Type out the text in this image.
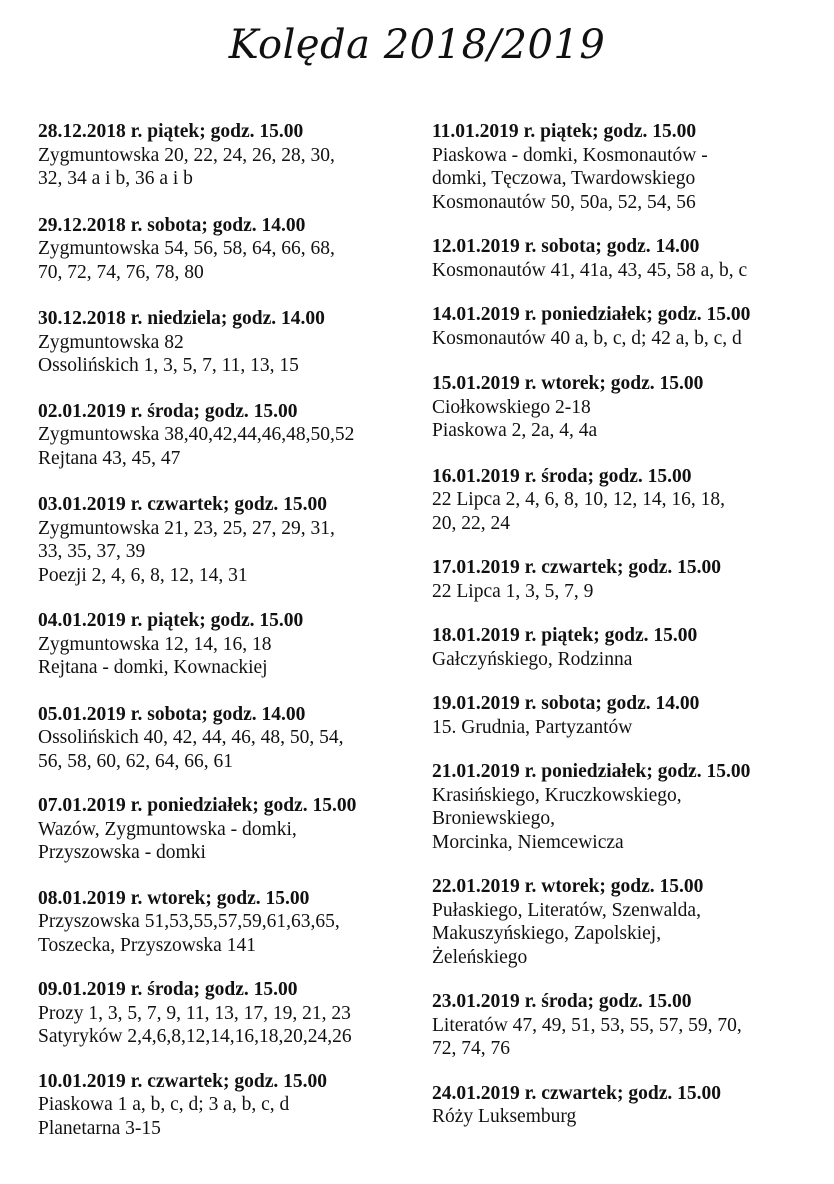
Kolęda 2018/2019
28.12.2018 r. piątek; godz. 15.00
Zygmuntowska 20, 22, 24, 26, 28, 30,
32, 34 a i b, 36 a i b
29.12.2018 r. sobota; godz. 14.00
Zygmuntowska 54, 56, 58, 64, 66, 68,
70, 72, 74, 76, 78, 80
30.12.2018 r. niedziela; godz. 14.00
Zygmuntowska 82
Ossolińskich 1, 3, 5, 7, 11, 13, 15
02.01.2019 r. środa; godz. 15.00
Zygmuntowska 38,40,42,44,46,48,50,52
Rejtana 43, 45, 47
03.01.2019 r. czwartek; godz. 15.00
Zygmuntowska 21, 23, 25, 27, 29, 31,
33, 35, 37, 39
Poezji 2, 4, 6, 8, 12, 14, 31
04.01.2019 r. piątek; godz. 15.00
Zygmuntowska 12, 14, 16, 18
Rejtana - domki, Kownackiej
05.01.2019 r. sobota; godz. 14.00
Ossolińskich 40, 42, 44, 46, 48, 50, 54,
56, 58, 60, 62, 64, 66, 61
07.01.2019 r. poniedziałek; godz. 15.00
Wazów, Zygmuntowska - domki,
Przyszowska - domki
08.01.2019 r. wtorek; godz. 15.00
Przyszowska 51,53,55,57,59,61,63,65,
Toszecka, Przyszowska 141
09.01.2019 r. środa; godz. 15.00
Prozy 1, 3, 5, 7, 9, 11, 13, 17, 19, 21, 23
Satyryków 2,4,6,8,12,14,16,18,20,24,26
10.01.2019 r. czwartek; godz. 15.00
Piaskowa 1 a, b, c, d; 3 a, b, c, d
Planetarna 3-15
11.01.2019 r. piątek; godz. 15.00
Piaskowa - domki, Kosmonautów -
domki, Tęczowa, Twardowskiego
Kosmonautów 50, 50a, 52, 54, 56
12.01.2019 r. sobota; godz. 14.00
Kosmonautów 41, 41a, 43, 45, 58 a, b, c
14.01.2019 r. poniedziałek; godz. 15.00
Kosmonautów 40 a, b, c, d; 42 a, b, c, d
15.01.2019 r. wtorek; godz. 15.00
Ciołkowskiego 2-18
Piaskowa 2, 2a, 4, 4a
16.01.2019 r. środa; godz. 15.00
22 Lipca 2, 4, 6, 8, 10, 12, 14, 16, 18,
20, 22, 24
17.01.2019 r. czwartek; godz. 15.00
22 Lipca 1, 3, 5, 7, 9
18.01.2019 r. piątek; godz. 15.00
Gałczyńskiego, Rodzinna
19.01.2019 r. sobota; godz. 14.00
15. Grudnia, Partyzantów
21.01.2019 r. poniedziałek; godz. 15.00
Krasińskiego, Kruczkowskiego,
Broniewskiego,
Morcinka, Niemcewicza
22.01.2019 r. wtorek; godz. 15.00
Pułaskiego, Literatów, Szenwalda,
Makuszyńskiego, Zapolskiej,
Żeleńskiego
23.01.2019 r. środa; godz. 15.00
Literatów 47, 49, 51, 53, 55, 57, 59, 70,
72, 74, 76
24.01.2019 r. czwartek; godz. 15.00
Róży Luksemburg
